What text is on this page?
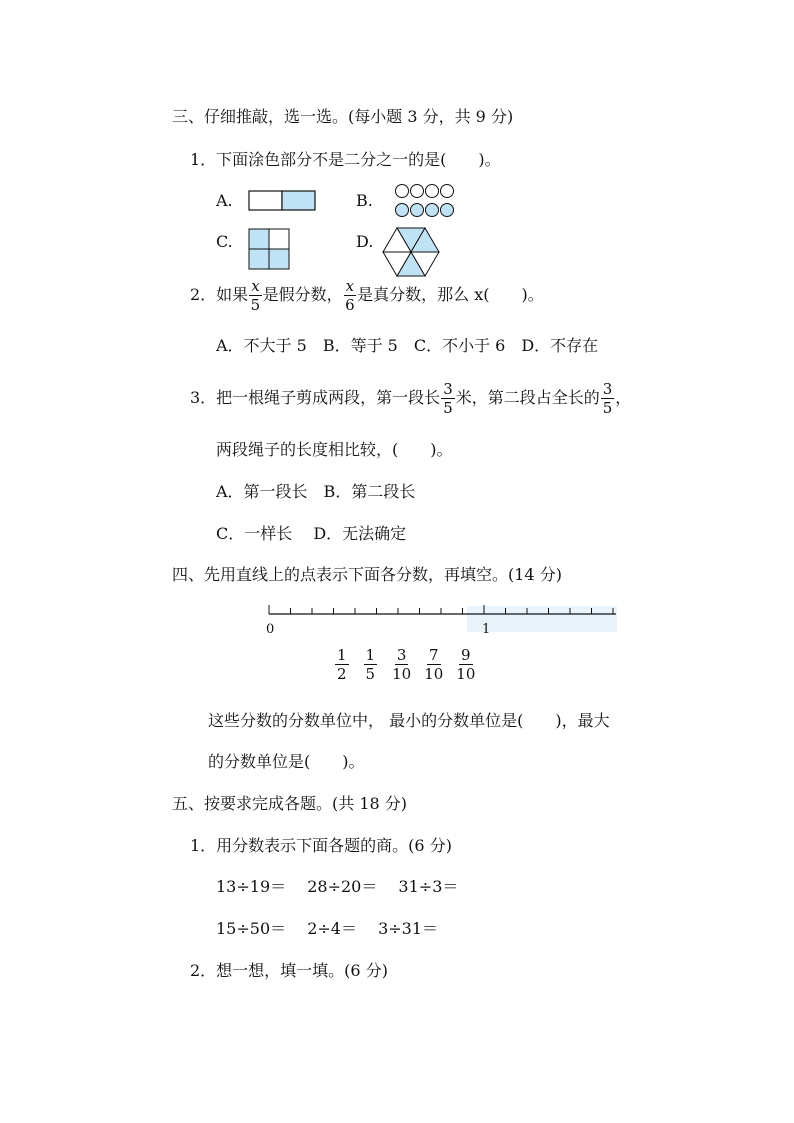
三、仔细推敲，选一选。(每小题 3 分，共 9 分)
1．下面涂色部分不是二分之一的是(　　)。
A.	B.
C.	D.
2．如果 $\frac{x}{5}$ 是假分数， $\frac{x}{6}$ 是真分数，那么 x(　　)。
A．不大于 5　B．等于 5　C．不小于 6　D．不存在
3．把一根绳子剪成两段，第一段长 $\frac{3}{5}$ 米，第二段占全长的 $\frac{3}{5}$ ，
两段绳子的长度相比较，(　　)。
A．第一段长　B．第二段长
C．一样长　 D．无法确定
四、先用直线上的点表示下面各分数，再填空。(14 分)
0	1
$\frac{1}{2} \frac{1}{5} \frac{3}{10} \frac{7}{10} \frac{9}{10}$
这些分数的分数单位中， 最小的分数单位是(　　)，最大
的分数单位是(　　)。
五、按要求完成各题。(共 18 分)
1．用分数表示下面各题的商。(6 分)
13÷19＝　 28÷20＝　 31÷3＝
15÷50＝　 2÷4＝　 3÷31＝
2．想一想，填一填。(6 分)
